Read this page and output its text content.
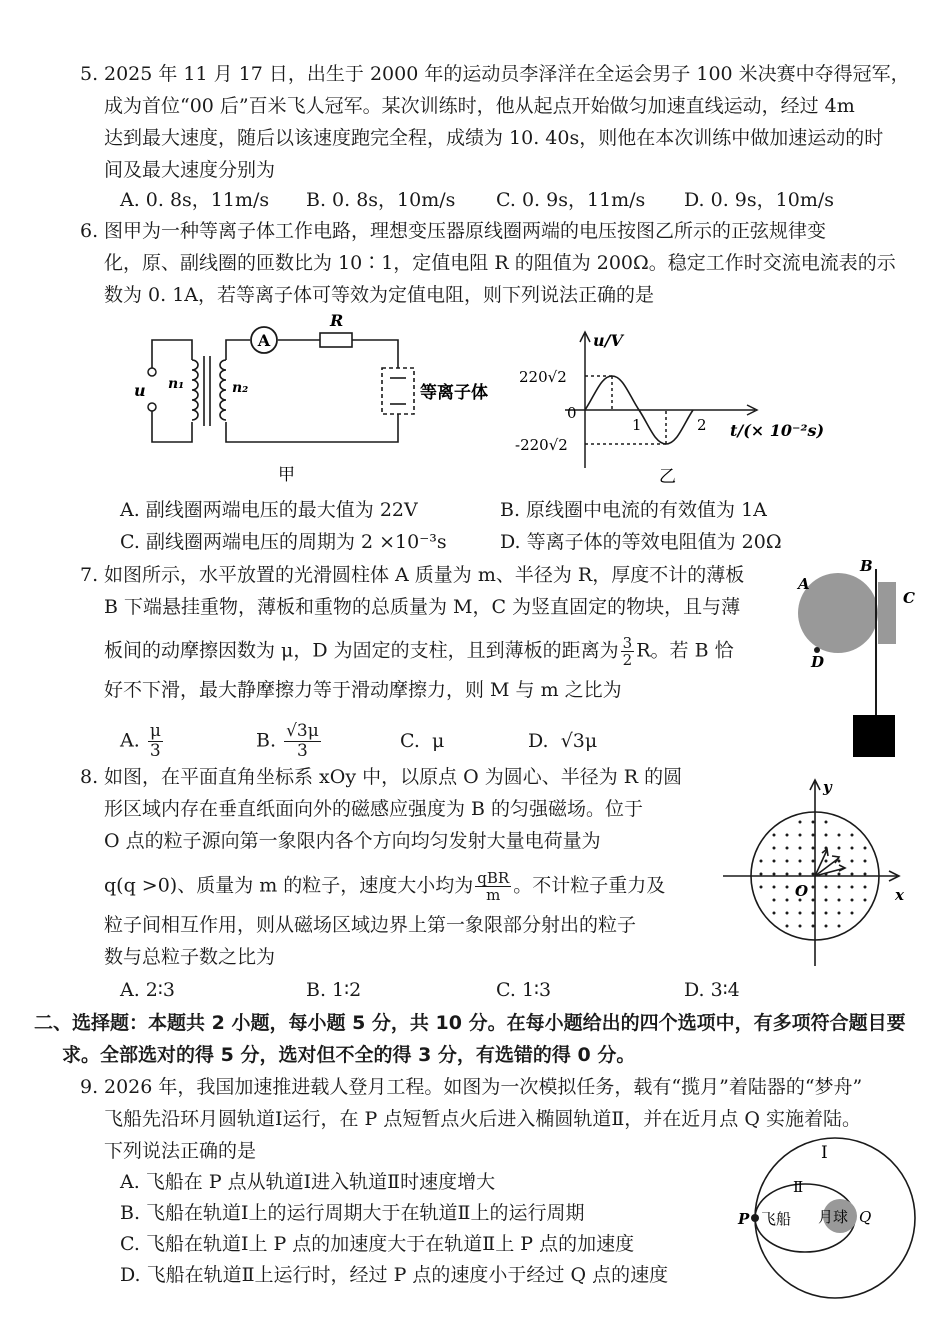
5. 2025 年 11 月 17 日，出生于 2000 年的运动员李泽洋在全运会男子 100 米决赛中夺得冠军，
成为首位“00 后”百米飞人冠军。某次训练时，他从起点开始做匀加速直线运动，经过 4m
达到最大速度，随后以该速度跑完全程，成绩为 10. 40s，则他在本次训练中做加速运动的时
间及最大速度分别为
A. 0. 8s，11m/s B. 0. 8s，10m/s C. 0. 9s，11m/s D. 0. 9s，10m/s
6. 图甲为一种等离子体工作电路，理想变压器原线圈两端的电压按图乙所示的正弦规律变
化，原、副线圈的匝数比为 10∶1，定值电阻 R 的阻值为 200Ω。稳定工作时交流电流表的示
数为 0. 1A，若等离子体可等效为定值电阻，则下列说法正确的是
A
u n₁	n₂
R
等离子体
甲
u/V
220√2
0
-220√2
1	2 t/(× 10⁻²s)
乙
A. 副线圈两端电压的最大值为 22V	B. 原线圈中电流的有效值为 1A
C. 副线圈两端电压的周期为 2 ×10⁻³s	D. 等离子体的等效电阻值为 20Ω
7. 如图所示，水平放置的光滑圆柱体 A 质量为 m、半径为 R，厚度不计的薄板
B 下端悬挂重物，薄板和重物的总质量为 M，C 为竖直固定的物块，且与薄
板间的动摩擦因数为 μ，D 为固定的支柱，且到薄板的距离为 $\frac{3}{2}$ R。若 B 恰
好不下滑，最大静摩擦力等于滑动摩擦力，则 M 与 m 之比为
A
B
C
D
A. $\frac{\mu}{3}$	B. $\frac{√3\mu}{3}$	C. μ	D. √3μ
8. 如图，在平面直角坐标系 xOy 中，以原点 O 为圆心、半径为 R 的圆
形区域内存在垂直纸面向外的磁感应强度为 B 的匀强磁场。位于
O 点的粒子源向第一象限内各个方向均匀发射大量电荷量为
q(q >0)、质量为 m 的粒子，速度大小均为 $\frac{\text{qBR}}{m}$ 。不计粒子重力及
粒子间相互作用，则从磁场区域边界上第一象限部分射出的粒子
数与总粒子数之比为
y
x
O
A. 2∶3	B. 1∶2	C. 1∶3	D. 3∶4
二、选择题：本题共 2 小题，每小题 5 分，共 10 分。在每小题给出的四个选项中，有多项符合题目要
求。全部选对的得 5 分，选对但不全的得 3 分，有选错的得 0 分。
9. 2026 年，我国加速推进载人登月工程。如图为一次模拟任务，载有“揽月”着陆器的“梦舟”
飞船先沿环月圆轨道Ⅰ运行，在 P 点短暂点火后进入椭圆轨道Ⅱ，并在近月点 Q 实施着陆。
下列说法正确的是
A. 飞船在 P 点从轨道Ⅰ进入轨道Ⅱ时速度增大
B. 飞船在轨道Ⅰ上的运行周期大于在轨道Ⅱ上的运行周期
C. 飞船在轨道Ⅰ上 P 点的加速度大于在轨道Ⅱ上 P 点的加速度
D. 飞船在轨道Ⅱ上运行时，经过 P 点的速度小于经过 Q 点的速度
Ⅰ
Ⅱ
P 飞船 月球 Q
